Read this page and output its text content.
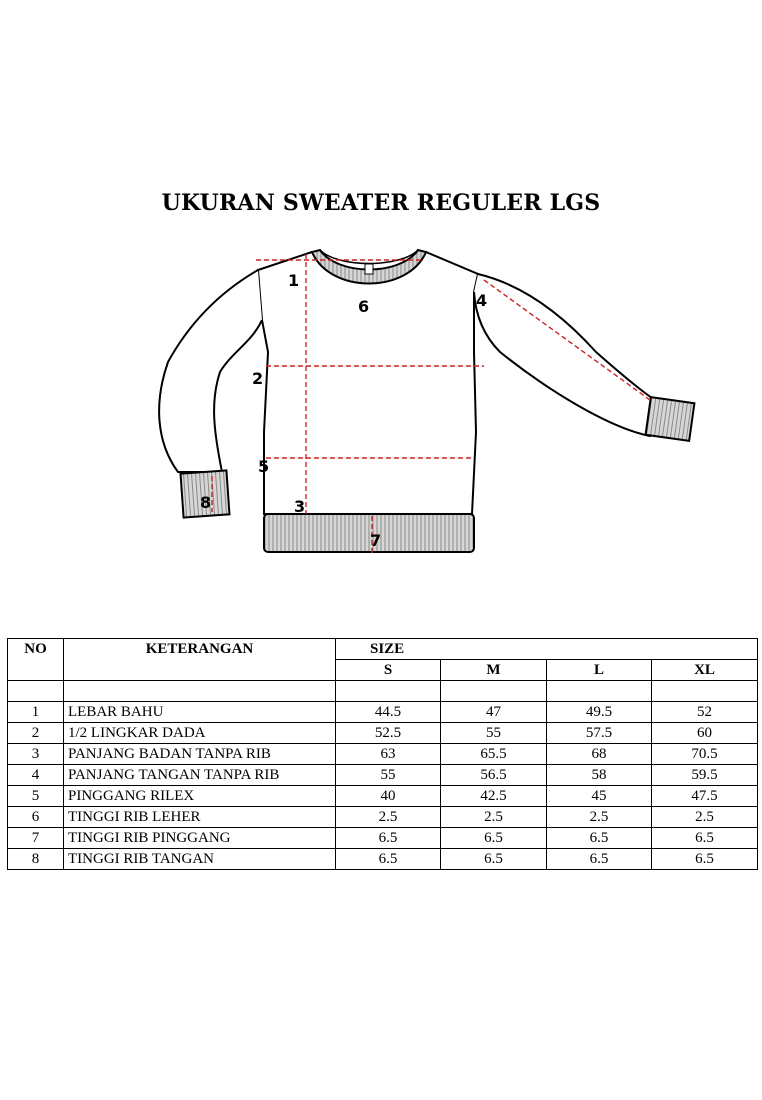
UKURAN SWEATER REGULER LGS
1
2
3
4
5
6
7
8
NO	KETERANGAN	SIZE			
		S	M	L	XL

1	LEBAR BAHU	44.5	47	49.5	52
2	1/2 LINGKAR DADA	52.5	55	57.5	60
3	PANJANG BADAN TANPA RIB	63	65.5	68	70.5
4	PANJANG TANGAN TANPA RIB	55	56.5	58	59.5
5	PINGGANG RILEX	40	42.5	45	47.5
6	TINGGI RIB LEHER	2.5	2.5	2.5	2.5
7	TINGGI RIB PINGGANG	6.5	6.5	6.5	6.5
8	TINGGI RIB TANGAN	6.5	6.5	6.5	6.5
